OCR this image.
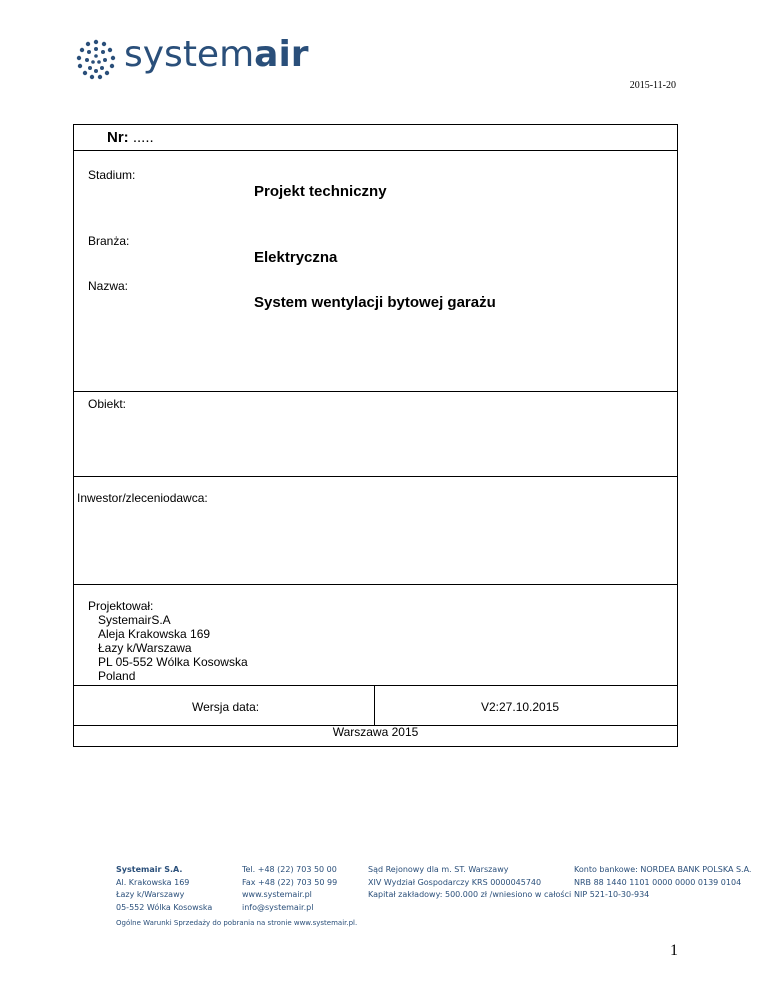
systemair
2015-11-20
Nr: .....
Stadium:
Projekt techniczny
Branża:
Elektryczna
Nazwa:
System wentylacji bytowej garażu
Obiekt:
Inwestor/zleceniodawca:
Projektował:
SystemairS.A
Aleja Krakowska 169
Łazy k/Warszawa
PL 05-552 Wólka Kosowska
Poland
Wersja data:	V2:27.10.2015
Warszawa 2015
Systemair S.A.
Al. Krakowska 169
Łazy k/Warszawy
05-552 Wólka Kosowska
Tel. +48 (22) 703 50 00
Fax +48 (22) 703 50 99
www.systemair.pl
info@systemair.pl
Sąd Rejonowy dla m. ST. Warszawy
XIV Wydział Gospodarczy KRS 0000045740
Kapitał zakładowy: 500.000 zł /wniesiono w całości
Konto bankowe: NORDEA BANK POLSKA S.A.
NRB 88 1440 1101 0000 0000 0139 0104
NIP 521-10-30-934
Ogólne Warunki Sprzedaży do pobrania na stronie www.systemair.pl.
1
